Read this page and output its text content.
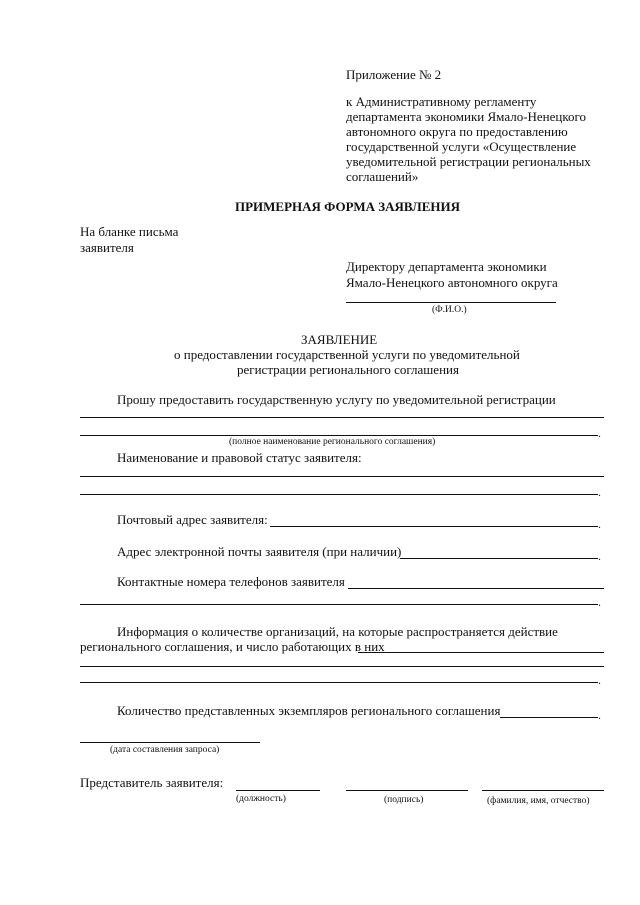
Приложение № 2
к Административному регламенту
департамента экономики Ямало-Ненецкого
автономного округа по предоставлению
государственной услуги «Осуществление
уведомительной регистрации региональных
соглашений»
ПРИМЕРНАЯ ФОРМА ЗАЯВЛЕНИЯ
На бланке письма
заявителя
Директору департамента экономики
Ямало-Ненецкого автономного округа
(Ф.И.О.)
ЗАЯВЛЕНИЕ
о предоставлении государственной услуги по уведомительной
регистрации регионального соглашения
Прошу предоставить государственную услугу по уведомительной регистрации
.
(полное наименование регионального соглашения)
Наименование и правовой статус заявителя:
.
Почтовый адрес заявителя:	.
Адрес электронной почты заявителя (при наличии)	.
Контактные номера телефонов заявителя
.
Информация о количестве организаций, на которые распространяется действие
регионального соглашения, и число работающих в них
.
Количество представленных экземпляров регионального соглашения	.
(дата составления запроса)
Представитель заявителя:
(должность)	(подпись)	(фамилия, имя, отчество)
